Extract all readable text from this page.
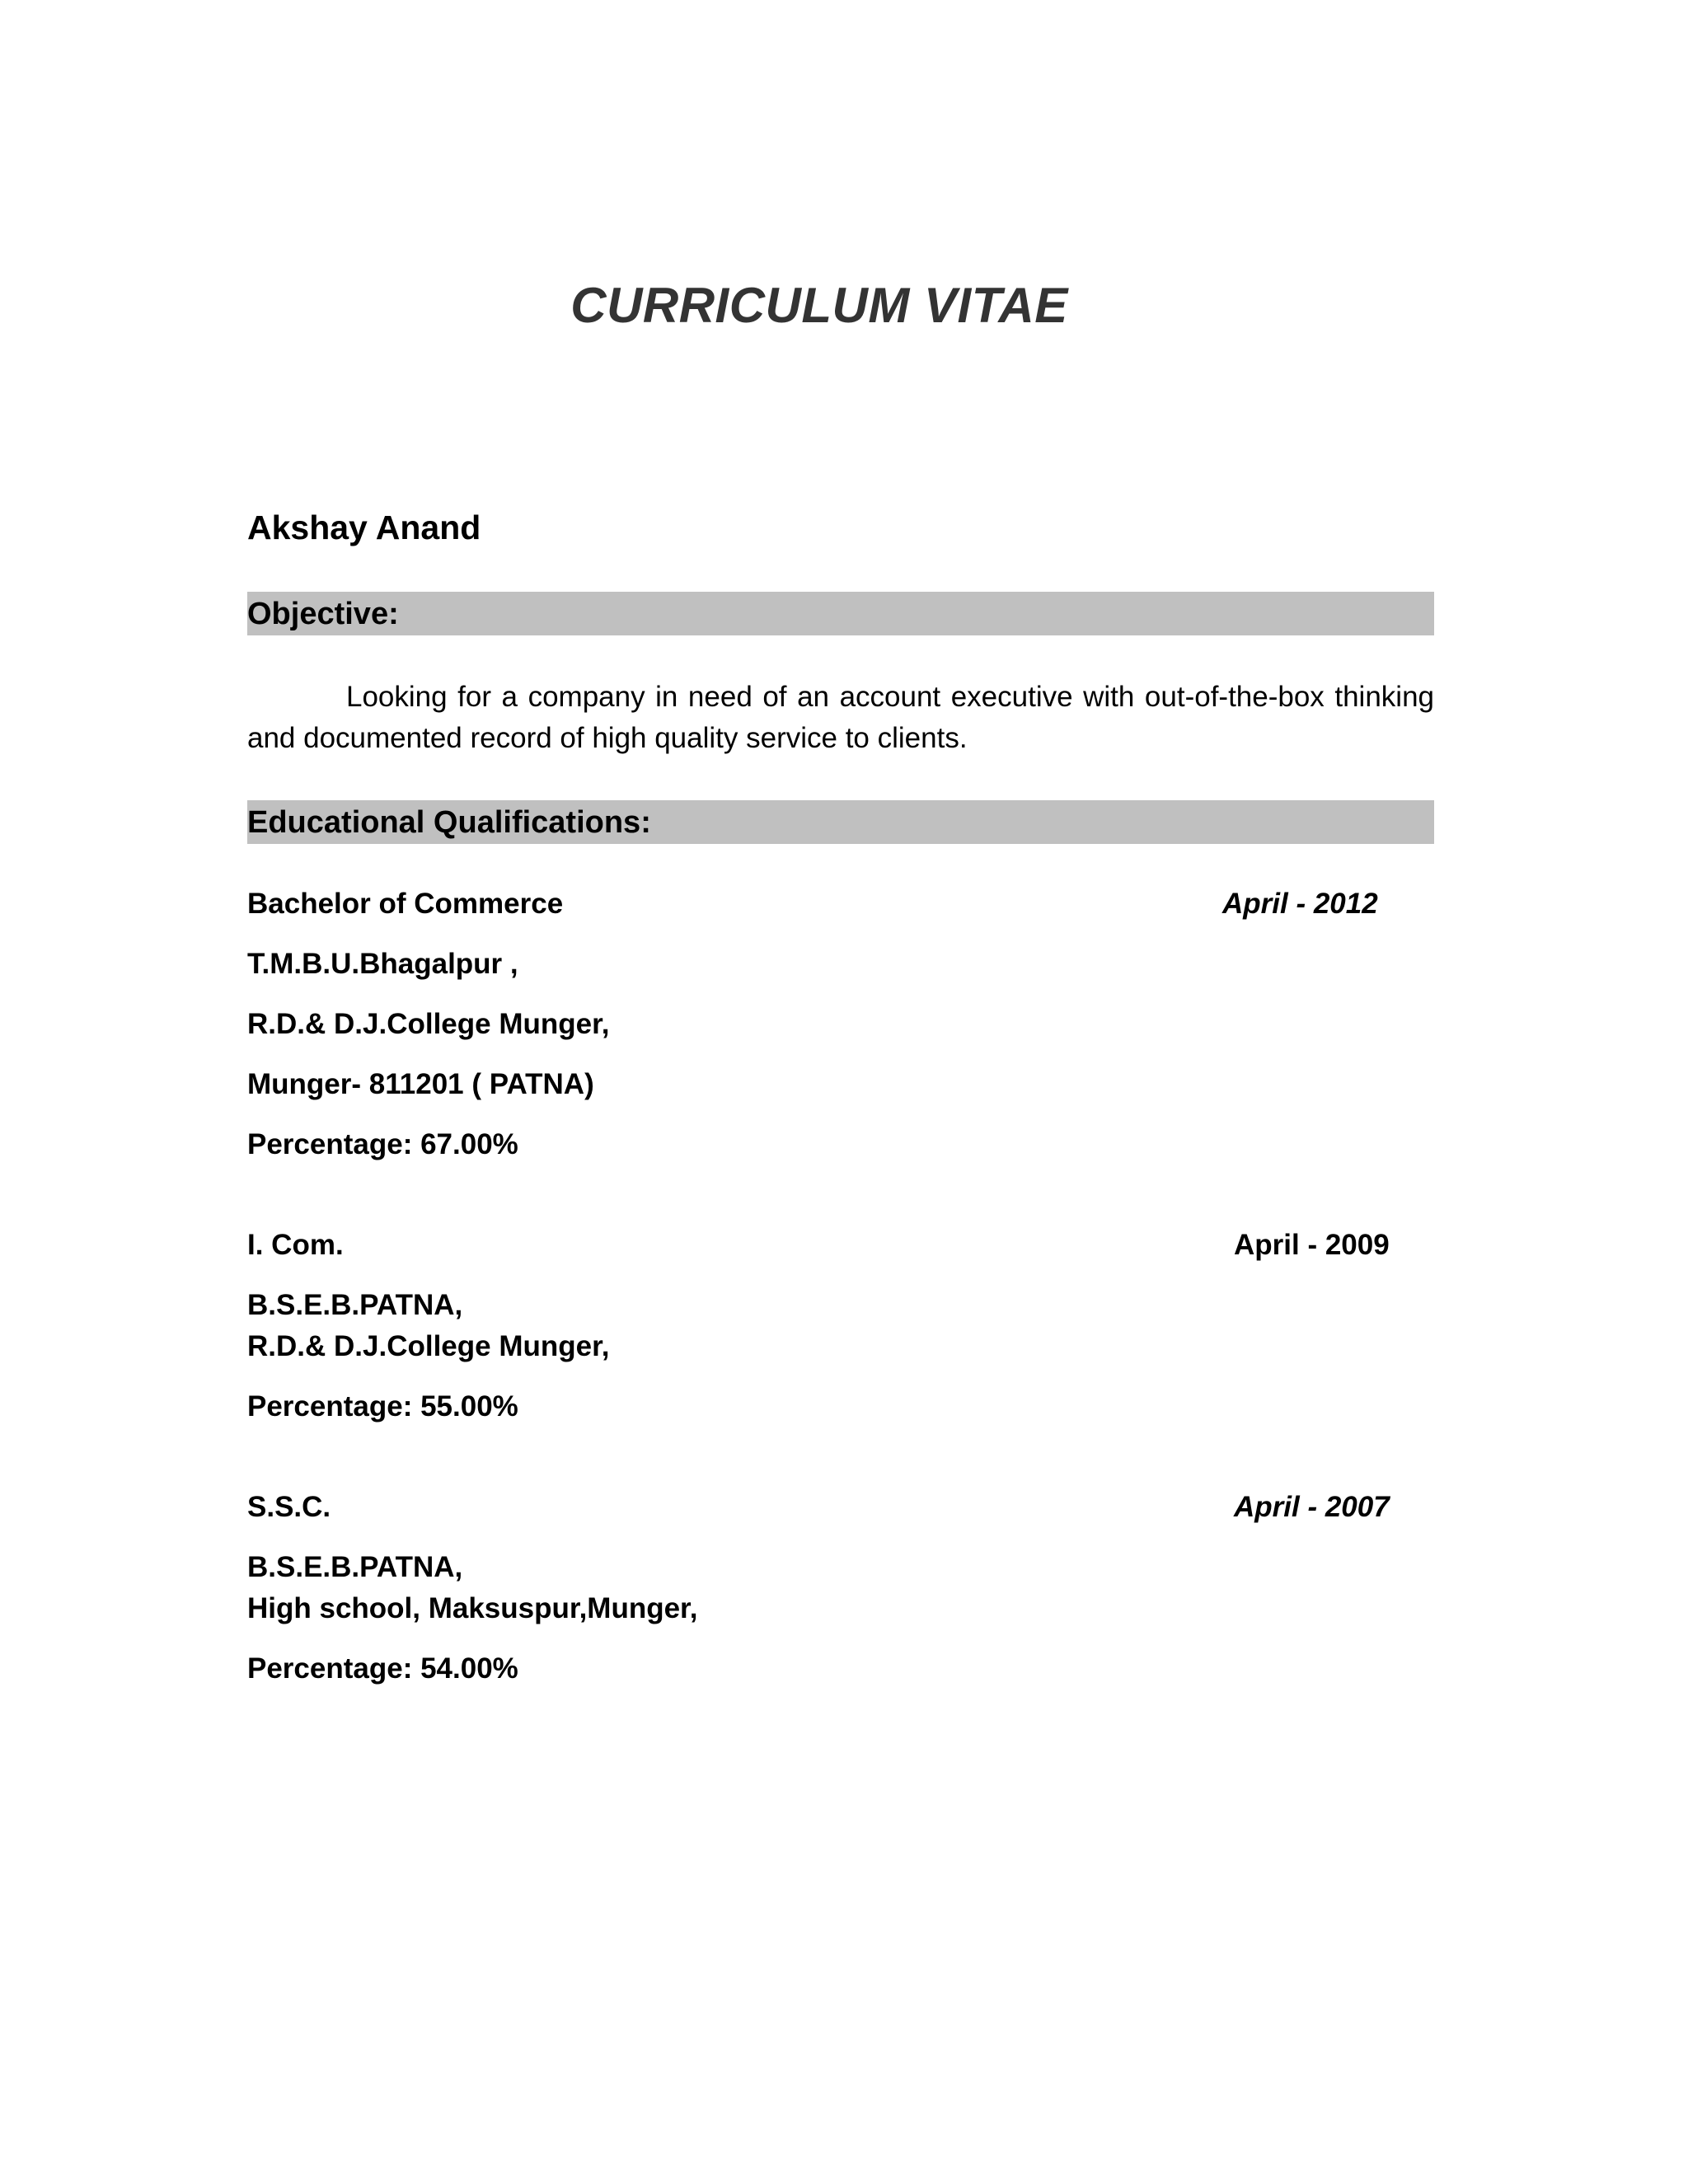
CURRICULUM VITAE
Akshay Anand
Objective:
Looking for a company in need of an account executive with out-of-the-box thinking and documented record of high quality service to clients.
Educational Qualifications:
Bachelor of Commerce	April - 2012
T.M.B.U.Bhagalpur ,
R.D.& D.J.College Munger,
Munger- 811201 ( PATNA)
Percentage: 67.00%
I. Com.	April - 2009
B.S.E.B.PATNA,
R.D.& D.J.College Munger,
Percentage: 55.00%
S.S.C.	April - 2007
B.S.E.B.PATNA,
High school, Maksuspur,Munger,
Percentage: 54.00%
